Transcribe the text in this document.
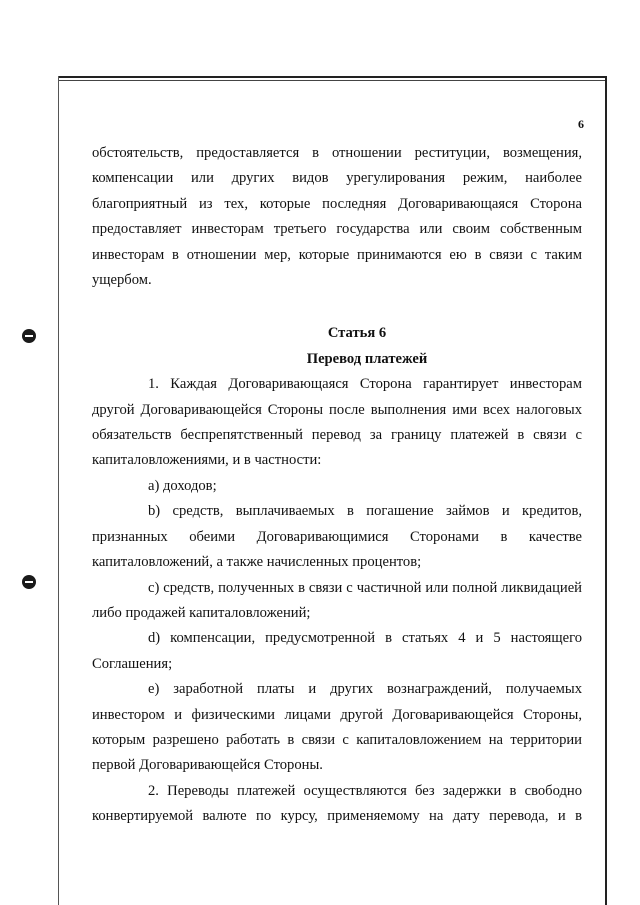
6

обстоятельств, предоставляется в отношении реституции, возмещения, компенсации или других видов урегулирования режим, наиболее благоприятный из тех, которые последняя Договаривающаяся Сторона предоставляет инвесторам третьего государства или своим собственным инвесторам в отношении мер, которые принимаются ею в связи с таким ущербом.

Статья 6
Перевод платежей

1. Каждая Договаривающаяся Сторона гарантирует инвесторам другой Договаривающейся Стороны после выполнения ими всех налоговых обязательств беспрепятственный перевод за границу платежей в связи с капиталовложениями, и в частности:

а) доходов;

b) средств, выплачиваемых в погашение займов и кредитов, признанных обеими Договаривающимися Сторонами в качестве капиталовложений, а также начисленных процентов;

с) средств, полученных в связи с частичной или полной ликвидацией либо продажей капиталовложений;

d) компенсации, предусмотренной в статьях 4 и 5 настоящего Соглашения;

е) заработной платы и других вознаграждений, получаемых инвестором и физическими лицами другой Договаривающейся Стороны, которым разрешено работать в связи с капиталовложением на территории первой Договаривающейся Стороны.

2. Переводы платежей осуществляются без задержки в свободно конвертируемой валюте по курсу, применяемому на дату перевода, и в
